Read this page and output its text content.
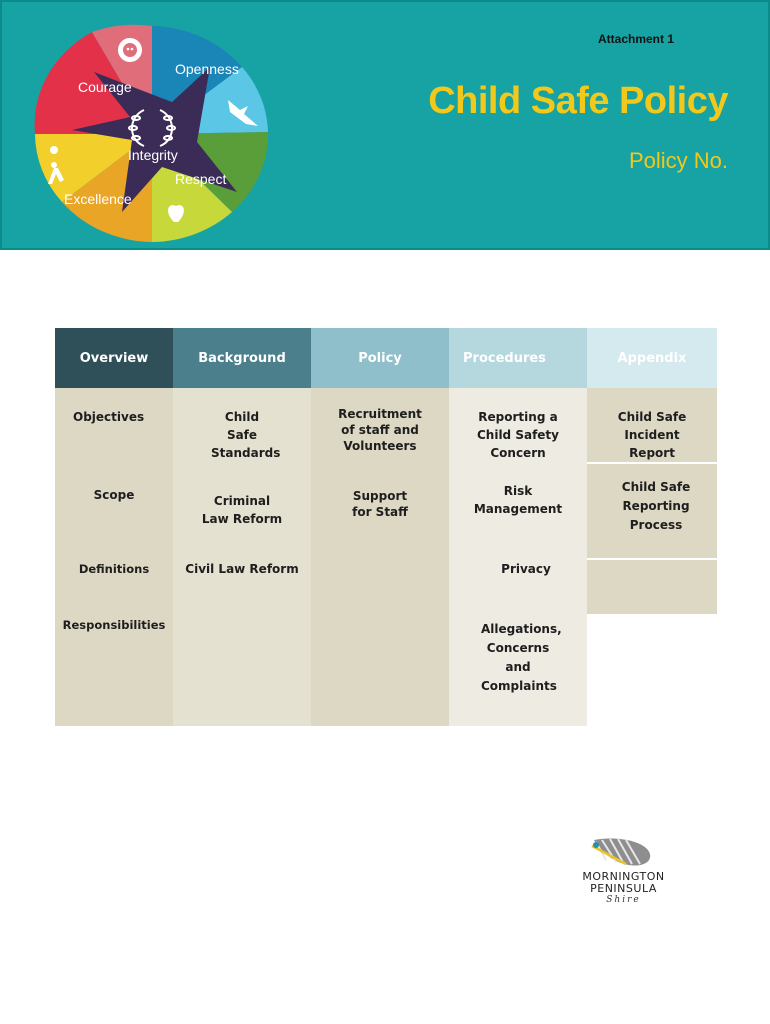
Courage
Openness
Integrity
Respect
Excellence
Attachment 1
Child Safe Policy
Policy No.
Overview
Objectives
Scope
Definitions
Responsibilities
Background
Child Safe Standards
Criminal Law Reform
Civil Law Reform
Policy
Recruitment of staff and Volunteers
Support for Staff
Procedures
Reporting a Child Safety Concern
Risk Management
Privacy
Allegations, Concerns and Complaints
Appendix
Child Safe Incident Report
Child Safe Reporting Process
MORNINGTON
PENINSULA
Shire
